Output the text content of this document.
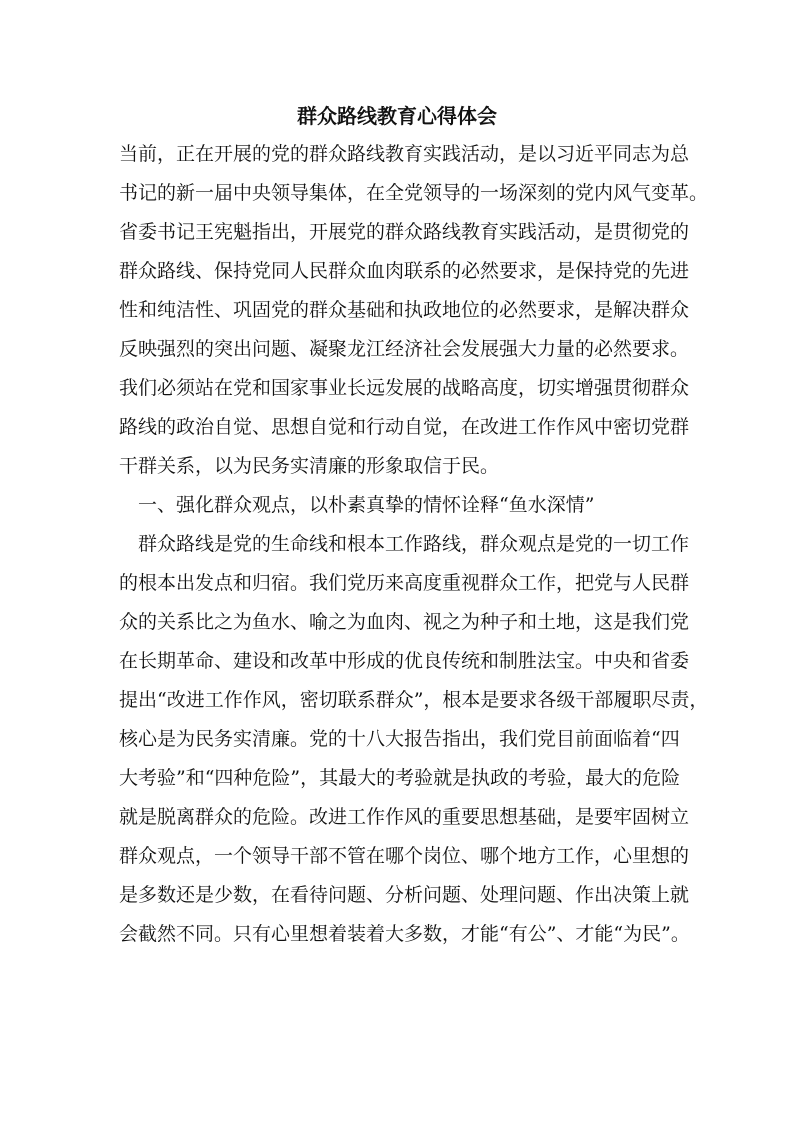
群众路线教育心得体会

当前，正在开展的党的群众路线教育实践活动，是以习近平同志为总

书记的新一届中央领导集体，在全党领导的一场深刻的党内风气变革。

省委书记王宪魁指出，开展党的群众路线教育实践活动，是贯彻党的

群众路线、保持党同人民群众血肉联系的必然要求，是保持党的先进

性和纯洁性、巩固党的群众基础和执政地位的必然要求，是解决群众

反映强烈的突出问题、凝聚龙江经济社会发展强大力量的必然要求。

我们必须站在党和国家事业长远发展的战略高度，切实增强贯彻群众

路线的政治自觉、思想自觉和行动自觉，在改进工作作风中密切党群

干群关系，以为民务实清廉的形象取信于民。

一、强化群众观点，以朴素真挚的情怀诠释“鱼水深情”

群众路线是党的生命线和根本工作路线，群众观点是党的一切工作

的根本出发点和归宿。我们党历来高度重视群众工作，把党与人民群

众的关系比之为鱼水、喻之为血肉、视之为种子和土地，这是我们党

在长期革命、建设和改革中形成的优良传统和制胜法宝。中央和省委

提出“改进工作作风，密切联系群众”，根本是要求各级干部履职尽责，

核心是为民务实清廉。党的十八大报告指出，我们党目前面临着“四

大考验”和“四种危险”，其最大的考验就是执政的考验，最大的危险

就是脱离群众的危险。改进工作作风的重要思想基础，是要牢固树立

群众观点，一个领导干部不管在哪个岗位、哪个地方工作，心里想的

是多数还是少数，在看待问题、分析问题、处理问题、作出决策上就

会截然不同。只有心里想着装着大多数，才能“有公”、才能“为民”。
